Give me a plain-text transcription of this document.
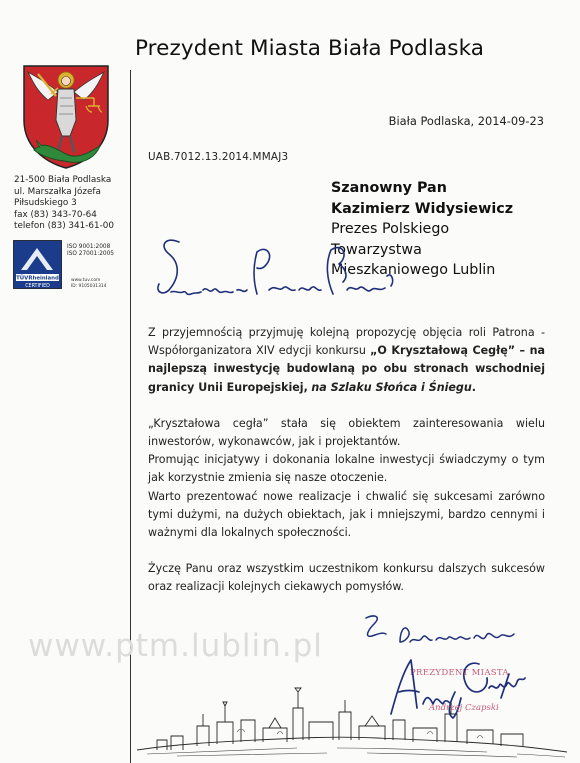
Prezydent Miasta Biała Podlaska
21-500 Biała Podlaska
ul. Marszałka Józefa
Piłsudskiego 3
fax (83) 343-70-64
telefon (83) 341-61-00
TÜVRheinland
CERTIFIED
ISO 9001:2008
ISO 27001:2005
www.tuv.com
ID: 9105031314
Biała Podlaska, 2014-09-23
UAB.7012.13.2014.MMAJ3
Szanowny Pan
Kazimierz Widysiewicz
Prezes Polskiego
Towarzystwa
Mieszkaniowego Lublin

Z przyjemnością przyjmuję kolejną propozycję objęcia roli Patrona - Współorganizatora XIV edycji konkursu „O Kryształową Cegłę” – na najlepszą inwestycję budowlaną po obu stronach wschodniej granicy Unii Europejskiej, na Szlaku Słońca i Śniegu.

„Kryształowa cegła” stała się obiektem zainteresowania wielu inwestorów, wykonawców, jak i projektantów.

Promując inicjatywy i dokonania lokalne inwestycji świadczymy o tym jak korzystnie zmienia się nasze otoczenie.

Warto prezentować nowe realizacje i chwalić się sukcesami zarówno tymi dużymi, na dużych obiektach, jak i mniejszymi, bardzo cennymi i ważnymi dla lokalnych społeczności.

Życzę Panu oraz wszystkim uczestnikom konkursu dalszych sukcesów oraz realizacji kolejnych ciekawych pomysłów.

www.ptm.lublin.pl
PREZYDENT MIASTA
Andrzej Czapski
